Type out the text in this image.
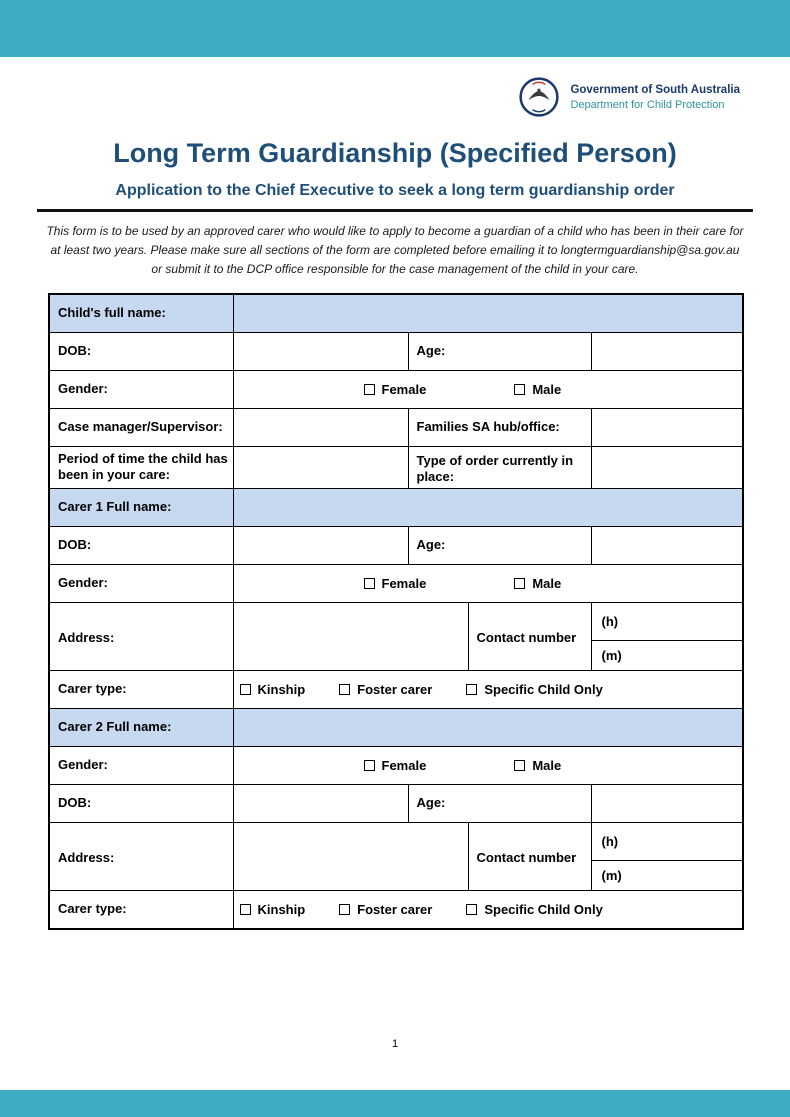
Government of South Australia
Department for Child Protection
Long Term Guardianship (Specified Person)
Application to the Chief Executive to seek a long term guardianship order

This form is to be used by an approved carer who would like to apply to become a guardian of a child who has been in their care for at least two years. Please make sure all sections of the form are completed before emailing it to longtermguardianship@sa.gov.au or submit it to the DCP office responsible for the case management of the child in your care.

Child's full name:				
DOB:		Age:		
Gender:	Female Male			

Case manager/Supervisor:		Families SA hub/office:		
Period of time the child has been in your care:		Type of order currently in place:		
Carer 1 Full name:				
DOB:		Age:		
Gender:	Female Male			

Address:			Contact number	(h)
				(m)
Carer type:	Kinship Foster carer Specific Child Only			

Carer 2 Full name:				
Gender:	Female Male			

DOB:		Age:		
Address:			Contact number	(h)
				(m)
Carer type:	Kinship Foster carer Specific Child Only			
1
